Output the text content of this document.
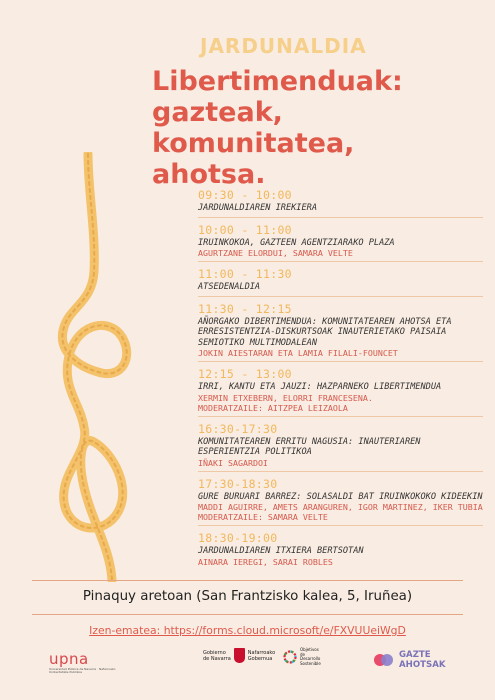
JARDUNALDIA
Libertimenduak:
gazteak,
komunitatea,
ahotsa.
09:30 - 10:00
JARDUNALDIAREN IREKIERA
10:00 - 11:00
IRUINKOKOA, GAZTEEN AGENTZIARAKO PLAZA
AGURTZANE ELORDUI, SAMARA VELTE
11:00 - 11:30
ATSEDENALDIA
11:30 - 12:15
AÑORGAKO DIBERTIMENDUA: KOMUNITATEAREN AHOTSA ETA ERRESISTENTZIA-DISKURTSOAK INAUTERIETAKO PAISAIA SEMIOTIKO MULTIMODALEAN
JOKIN AIESTARAN ETA LAMIA FILALI-FOUNCET
12:15 - 13:00
IRRI, KANTU ETA JAUZI: HAZPARNEKO LIBERTIMENDUA
XERMIN ETXEBERN, ELORRI FRANCESENA.
MODERATZAILE: AITZPEA LEIZAOLA
16:30-17:30
KOMUNITATEAREN ERRITU NAGUSIA: INAUTERIAREN ESPERIENTZIA POLITIKOA
IÑAKI SAGARDOI
17:30-18:30
GURE BURUARI BARREZ: SOLASALDI BAT IRUINKOKOKO KIDEEKIN
MADDI AGUIRRE, AMETS ARANGUREN, IGOR MARTINEZ, IKER TUBIA
MODERATZAILE: SAMARA VELTE
18:30-19:00
JARDUNALDIAREN ITXIERA BERTSOTAN
AINARA IEREGI, SARAI ROBLES
Pinaquy aretoan (San Frantzisko kalea, 5, Iruñea)
Izen-ematea: https://forms.cloud.microsoft/e/FXVUUeiWgD
upna
Universidad Pública de Navarra · Nafarroako Unibertsitate Publikoa
Gobierno
de Navarra
Nafarroako
Gobernua
Objetivos de Desarrollo Sostenible
GAZTE
AHOTSAK
